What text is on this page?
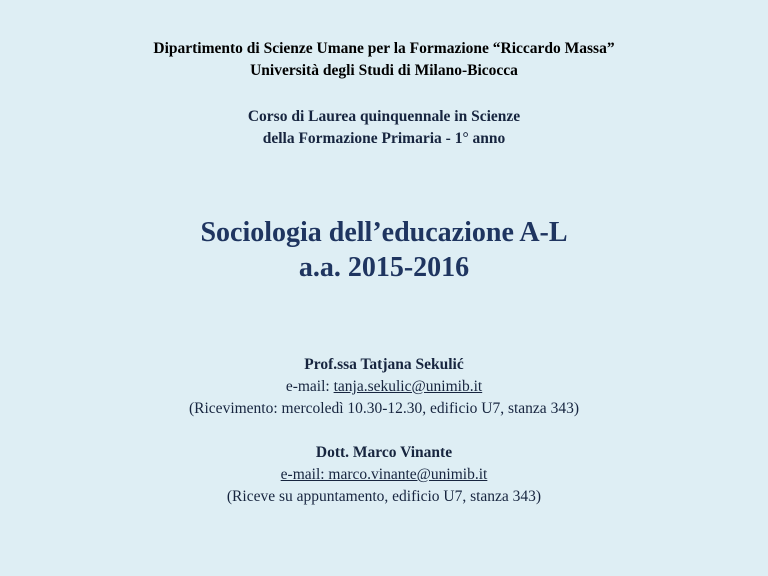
Dipartimento di Scienze Umane per la Formazione “Riccardo Massa”
Università degli Studi di Milano-Bicocca
Corso di Laurea quinquennale in Scienze
della Formazione Primaria - 1° anno
Sociologia dell’educazione A-L
a.a. 2015-2016
Prof.ssa Tatjana Sekulić
e-mail: tanja.sekulic@unimib.it
(Ricevimento: mercoledì 10.30-12.30, edificio U7, stanza 343)
Dott. Marco Vinante
e-mail: marco.vinante@unimib.it
(Riceve su appuntamento, edificio U7, stanza 343)
